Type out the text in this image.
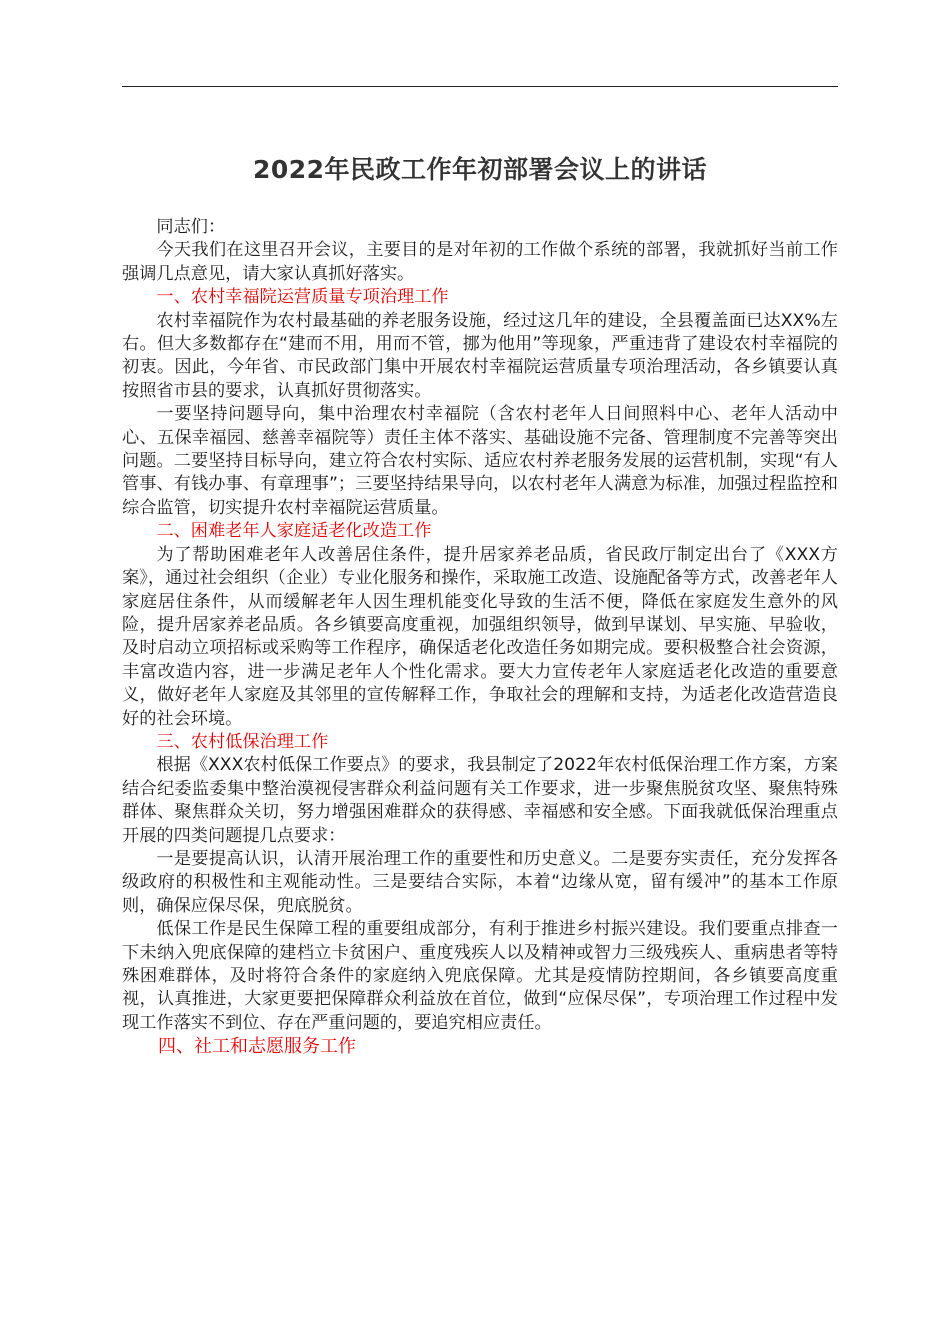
2022年民政工作年初部署会议上的讲话

同志们：

今天我们在这里召开会议，主要目的是对年初的工作做个系统的部署，我就抓好当前工作强调几点意见，请大家认真抓好落实。

一、农村幸福院运营质量专项治理工作

农村幸福院作为农村最基础的养老服务设施，经过这几年的建设，全县覆盖面已达XX%左右。但大多数都存在“建而不用，用而不管，挪为他用”等现象，严重违背了建设农村幸福院的初衷。因此，今年省、市民政部门集中开展农村幸福院运营质量专项治理活动，各乡镇要认真按照省市县的要求，认真抓好贯彻落实。

一要坚持问题导向，集中治理农村幸福院（含农村老年人日间照料中心、老年人活动中心、五保幸福园、慈善幸福院等）责任主体不落实、基础设施不完备、管理制度不完善等突出问题。二要坚持目标导向，建立符合农村实际、适应农村养老服务发展的运营机制，实现“有人管事、有钱办事、有章理事”；三要坚持结果导向，以农村老年人满意为标准，加强过程监控和综合监管，切实提升农村幸福院运营质量。

二、困难老年人家庭适老化改造工作

为了帮助困难老年人改善居住条件，提升居家养老品质，省民政厅制定出台了《XXX方案》，通过社会组织（企业）专业化服务和操作，采取施工改造、设施配备等方式，改善老年人家庭居住条件，从而缓解老年人因生理机能变化导致的生活不便，降低在家庭发生意外的风险，提升居家养老品质。各乡镇要高度重视，加强组织领导，做到早谋划、早实施、早验收，及时启动立项招标或采购等工作程序，确保适老化改造任务如期完成。要积极整合社会资源，丰富改造内容，进一步满足老年人个性化需求。要大力宣传老年人家庭适老化改造的重要意义，做好老年人家庭及其邻里的宣传解释工作，争取社会的理解和支持，为适老化改造营造良好的社会环境。

三、农村低保治理工作

根据《XXX农村低保工作要点》的要求，我县制定了2022年农村低保治理工作方案，方案结合纪委监委集中整治漠视侵害群众利益问题有关工作要求，进一步聚焦脱贫攻坚、聚焦特殊群体、聚焦群众关切，努力增强困难群众的获得感、幸福感和安全感。下面我就低保治理重点开展的四类问题提几点要求：

一是要提高认识，认清开展治理工作的重要性和历史意义。二是要夯实责任，充分发挥各级政府的积极性和主观能动性。三是要结合实际，本着“边缘从宽，留有缓冲”的基本工作原则，确保应保尽保，兜底脱贫。

低保工作是民生保障工程的重要组成部分，有利于推进乡村振兴建设。我们要重点排查一下未纳入兜底保障的建档立卡贫困户、重度残疾人以及精神或智力三级残疾人、重病患者等特殊困难群体，及时将符合条件的家庭纳入兜底保障。尤其是疫情防控期间，各乡镇要高度重视，认真推进，大家更要把保障群众利益放在首位，做到“应保尽保”，专项治理工作过程中发现工作落实不到位、存在严重问题的，要追究相应责任。

四、社工和志愿服务工作
